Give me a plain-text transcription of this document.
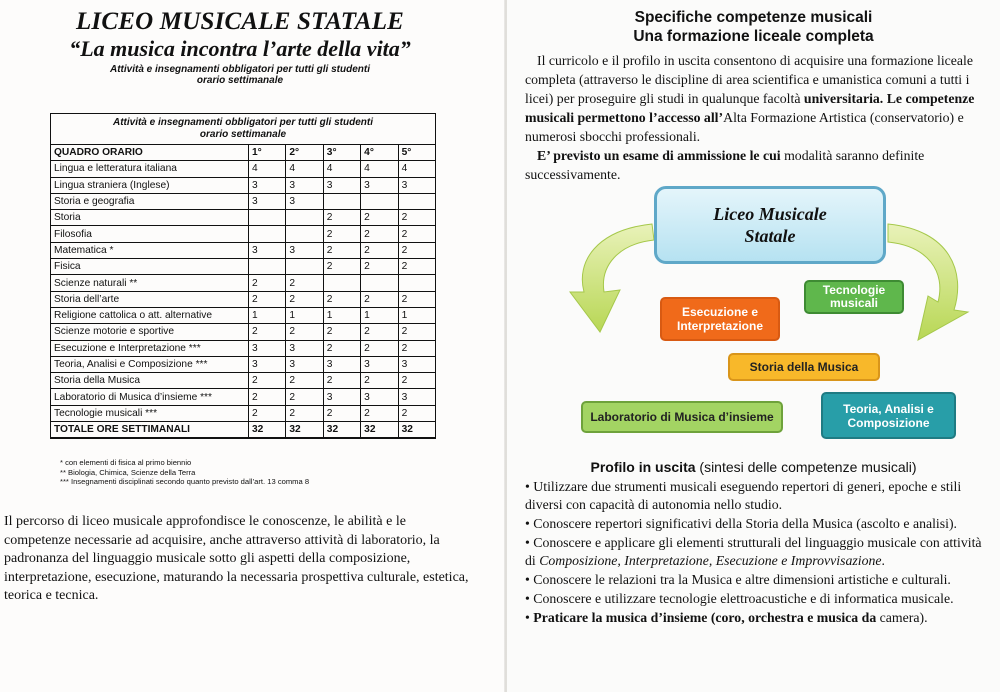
LICEO MUSICALE STATALE
“La musica incontra l’arte della vita”
Attività e insegnamenti obbligatori per tutti gli studenti
orario settimanale
Attività e insegnamenti obbligatori per tutti gli studenti
orario settimanale					

QUADRO ORARIO	1°	2°	3°	4°	5°
Lingua e letteratura italiana	4	4	4	4	4
Lingua straniera (Inglese)	3	3	3	3	3
Storia e geografia	3	3			
Storia			2	2	2
Filosofia			2	2	2
Matematica *	3	3	2	2	2
Fisica			2	2	2
Scienze naturali **	2	2			
Storia dell’arte	2	2	2	2	2
Religione cattolica o att. alternative	1	1	1	1	1
Scienze motorie e sportive	2	2	2	2	2
Esecuzione e Interpretazione ***	3	3	2	2	2
Teoria, Analisi e Composizione ***	3	3	3	3	3
Storia della Musica	2	2	2	2	2
Laboratorio di Musica d’insieme ***	2	2	3	3	3
Tecnologie musicali ***	2	2	2	2	2
TOTALE ORE SETTIMANALI	32	32	32	32	32
* con elementi di fisica al primo biennio
** Biologia, Chimica, Scienze della Terra
*** Insegnamenti disciplinati secondo quanto previsto dall’art. 13 comma 8
Il percorso di liceo musicale approfondisce le conoscenze, le abilità e le competenze necessarie ad acquisire, anche attraverso attività di laboratorio, la padronanza del linguaggio musicale sotto gli aspetti della composizione, interpretazione, esecuzione, maturando la necessaria prospettiva culturale, estetica, teorica e tecnica.
Specifiche competenze musicali
Una formazione liceale completa

Il curricolo e il profilo in uscita consentono di acquisire una formazione liceale completa (attraverso le discipline di area scientifica e umanistica comuni a tutti i licei) per proseguire gli studi in qualunque facoltà universitaria. Le competenze musicali permettono l’accesso all’Alta Formazione Artistica (conservatorio) e numerosi sbocchi professionali.

E’ previsto un esame di ammissione le cui modalità saranno definite successivamente.

Liceo Musicale
Statale
Esecuzione e
Interpretazione
Tecnologie
musicali
Storia della Musica
Laboratorio di Musica d’insieme
Teoria, Analisi e
Composizione
Profilo in uscita (sintesi delle competenze musicali)
• Utilizzare due strumenti musicali eseguendo repertori di generi, epoche e stili diversi con capacità di autonomia nello studio.
• Conoscere repertori significativi della Storia della Musica (ascolto e analisi).
• Conoscere e applicare gli elementi strutturali del linguaggio musicale con attività di Composizione, Interpretazione, Esecuzione e Improvvisazione.
• Conoscere le relazioni tra la Musica e altre dimensioni artistiche e culturali.
• Conoscere e utilizzare tecnologie elettroacustiche e di informatica musicale.
• Praticare la musica d’insieme (coro, orchestra e musica da camera).
